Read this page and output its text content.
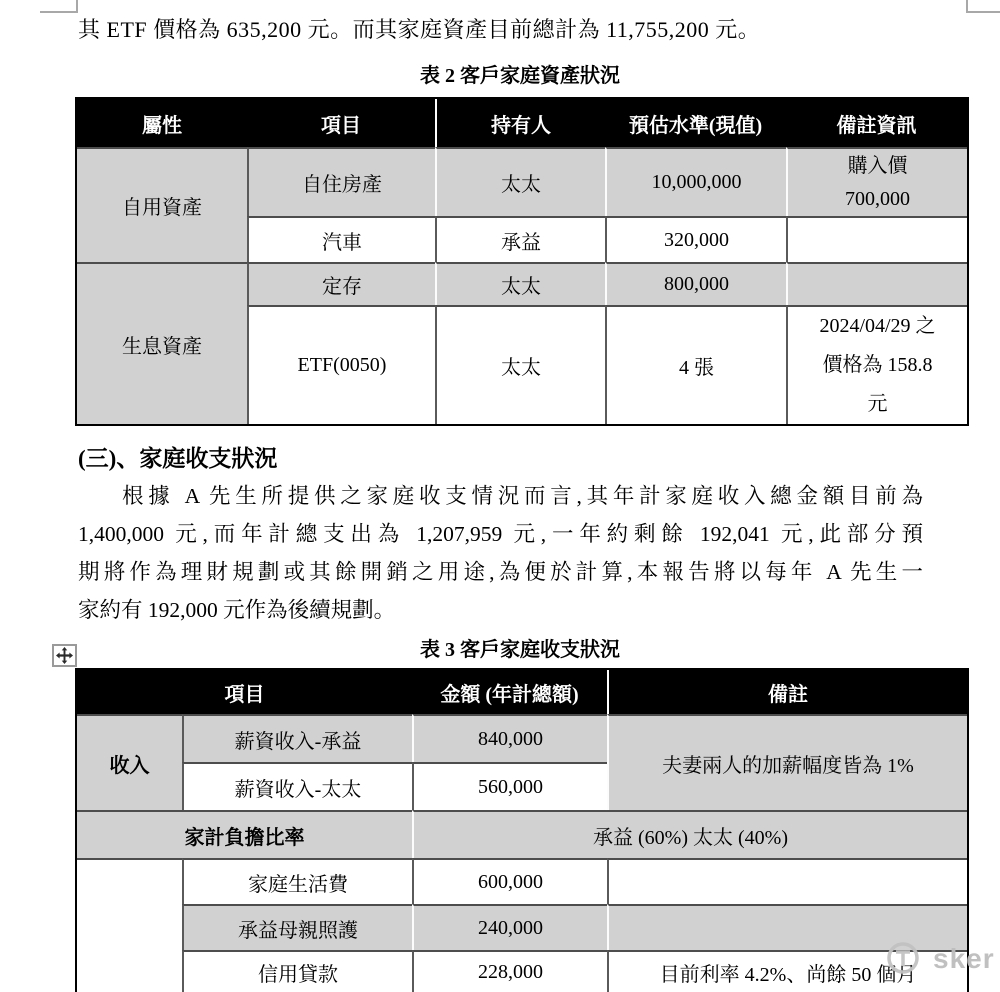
其 ETF 價格為 635,200 元。而其家庭資產目前總計為 11,755,200 元。
表 2 客戶家庭資產狀況
屬性	項目	持有人	預估水準(現值)	備註資訊
自用資產	自住房產	太太	10,000,000	購入價
700,000

	汽車	承益	320,000	
生息資產	定存	太太	800,000	
	ETF(0050)	太太	4 張	2024/04/29 之
價格為 158.8
元
(三)、家庭收支狀況
根據 A 先生所提供之家庭收支情況而言,其年計家庭收入總金額目前為
1,400,000 元,而年計總支出為 1,207,959 元,一年約剩餘 192,041 元,此部分預
期將作為理財規劃或其餘開銷之用途,為便於計算,本報告將以每年 A 先生一
家約有 192,000 元作為後續規劃。
表 3 客戶家庭收支狀況
項目		金額 (年計總額)	備註
收入	薪資收入-承益	840,000	夫妻兩人的加薪幅度皆為 1%
	薪資收入-太太	560,000	
家計負擔比率		承益 (60%) 太太 (40%)	
	家庭生活費	600,000	
	承益母親照護	240,000	
	信用貸款	228,000	目前利率 4.2%、尚餘 50 個月
sker
